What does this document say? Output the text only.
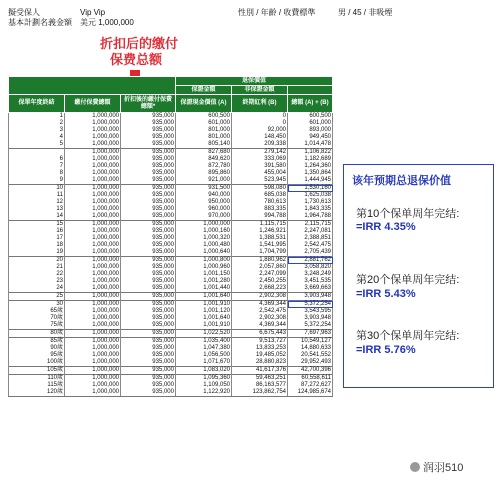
擬受保人	Vip Vip	性別 / 年齡 / 收費標準	男 / 45 / 非吸煙
基本計劃名義金額 美元 1,000,000
折扣后的缴付
保费总额
			退保價值		
			保證金額	非保證金額	
保單年度終結	繳付保費總額	折扣後的繳付保費總額*	保證現金價值 (A)	終期紅利 (B)	總額 (A) + (B)
1	1,000,000	935,000	600,500	0	600,500
2	1,000,000	935,000	601,000	0	601,000
3	1,000,000	935,000	801,000	92,000	893,000
4	1,000,000	935,000	801,000	148,450	949,450
5	1,000,000	935,000	805,140	209,338	1,014,478
	1,000,000	935,000	827,680	279,142	1,106,822
6	1,000,000	935,000	849,620	333,069	1,182,689
7	1,000,000	935,000	872,780	391,580	1,264,360
8	1,000,000	935,000	895,860	455,004	1,350,864
9	1,000,000	935,000	921,000	523,945	1,444,945
10	1,000,000	935,000	931,500	598,080	1,530,160
11	1,000,000	935,000	940,000	685,038	1,625,038
12	1,000,000	935,000	950,000	780,613	1,730,613
13	1,000,000	935,000	960,000	883,335	1,843,335
14	1,000,000	935,000	970,000	994,788	1,964,788
15	1,000,000	935,000	1,000,000	1,115,715	2,115,715
16	1,000,000	935,000	1,000,160	1,246,921	2,247,081
17	1,000,000	935,000	1,000,320	1,388,531	2,388,851
18	1,000,000	935,000	1,000,480	1,541,995	2,542,475
19	1,000,000	935,000	1,000,640	1,704,799	2,705,439
20	1,000,000	935,000	1,000,800	1,880,962	2,881,762
21	1,000,000	935,000	1,000,960	2,057,860	3,058,820
22	1,000,000	935,000	1,001,150	2,247,099	3,248,249
23	1,000,000	935,000	1,001,280	2,450,255	3,451,535
24	1,000,000	935,000	1,001,440	2,668,223	3,669,663
25	1,000,000	935,000	1,001,640	2,902,308	3,903,948
30	1,000,000	935,000	1,001,910	4,369,344	5,372,254
65歲	1,000,000	935,000	1,001,120	2,542,475	3,543,595
70歲	1,000,000	935,000	1,001,640	2,902,308	3,903,948
75歲	1,000,000	935,000	1,001,910	4,369,344	5,372,254
80歲	1,000,000	935,000	1,022,520	6,675,443	7,697,963
85歲	1,000,000	935,000	1,035,400	9,513,727	10,549,127
90歲	1,000,000	935,000	1,047,380	13,833,253	14,880,633
95歲	1,000,000	935,000	1,056,500	19,485,052	20,541,552
100歲	1,000,000	935,000	1,071,670	28,880,823	29,952,493
105歲	1,000,000	935,000	1,083,020	41,617,376	42,700,396
110歲	1,000,000	935,000	1,095,360	59,463,251	60,558,611
115歲	1,000,000	935,000	1,109,050	86,163,577	87,272,627
120歲	1,000,000	935,000	1,122,920	123,862,754	124,985,674
该年预期总退保价值
第10个保单周年完结:
=IRR 4.35%
第20个保单周年完结:
=IRR 5.43%
第30个保单周年完结:
=IRR 5.76%
润羽510
